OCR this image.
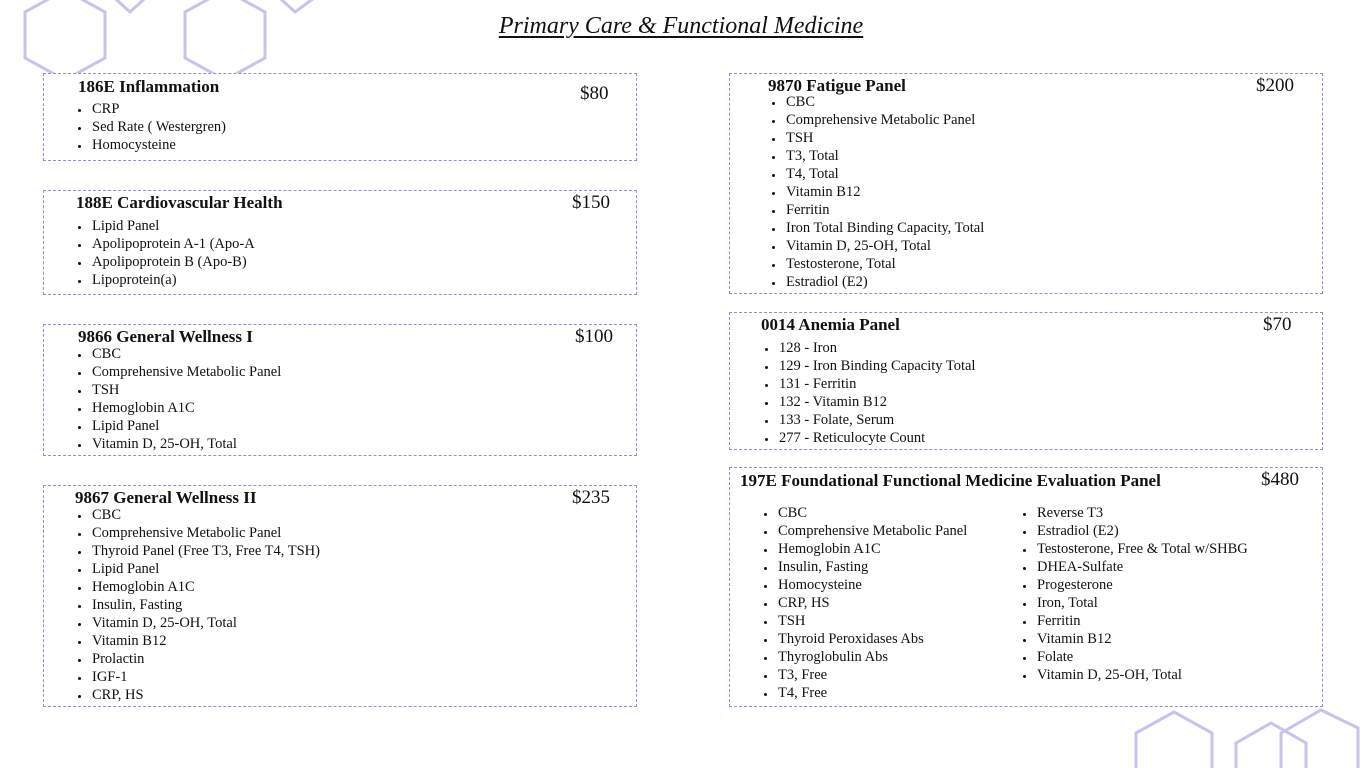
Primary Care & Functional Medicine
186E Inflammation	$80
CRP
Sed Rate ( Westergren)
Homocysteine
188E Cardiovascular Health	$150
Lipid Panel
Apolipoprotein A-1 (Apo-A
Apolipoprotein B (Apo-B)
Lipoprotein(a)
9866 General Wellness I	$100
CBC
Comprehensive Metabolic Panel
TSH
Hemoglobin A1C
Lipid Panel
Vitamin D, 25-OH, Total
9867 General Wellness II	$235
CBC
Comprehensive Metabolic Panel
Thyroid Panel (Free T3, Free T4, TSH)
Lipid Panel
Hemoglobin A1C
Insulin, Fasting
Vitamin D, 25-OH, Total
Vitamin B12
Prolactin
IGF-1
CRP, HS
9870 Fatigue Panel	$200
CBC
Comprehensive Metabolic Panel
TSH
T3, Total
T4, Total
Vitamin B12
Ferritin
Iron Total Binding Capacity, Total
Vitamin D, 25-OH, Total
Testosterone, Total
Estradiol (E2)
0014 Anemia Panel	$70
128 - Iron
129 - Iron Binding Capacity Total
131 - Ferritin
132 - Vitamin B12
133 - Folate, Serum
277 - Reticulocyte Count
197E Foundational Functional Medicine Evaluation Panel	$480
CBC
Comprehensive Metabolic Panel
Hemoglobin A1C
Insulin, Fasting
Homocysteine
CRP, HS
TSH
Thyroid Peroxidases Abs
Thyroglobulin Abs
T3, Free
T4, Free
Reverse T3
Estradiol (E2)
Testosterone, Free & Total w/SHBG
DHEA-Sulfate
Progesterone
Iron, Total
Ferritin
Vitamin B12
Folate
Vitamin D, 25-OH, Total
